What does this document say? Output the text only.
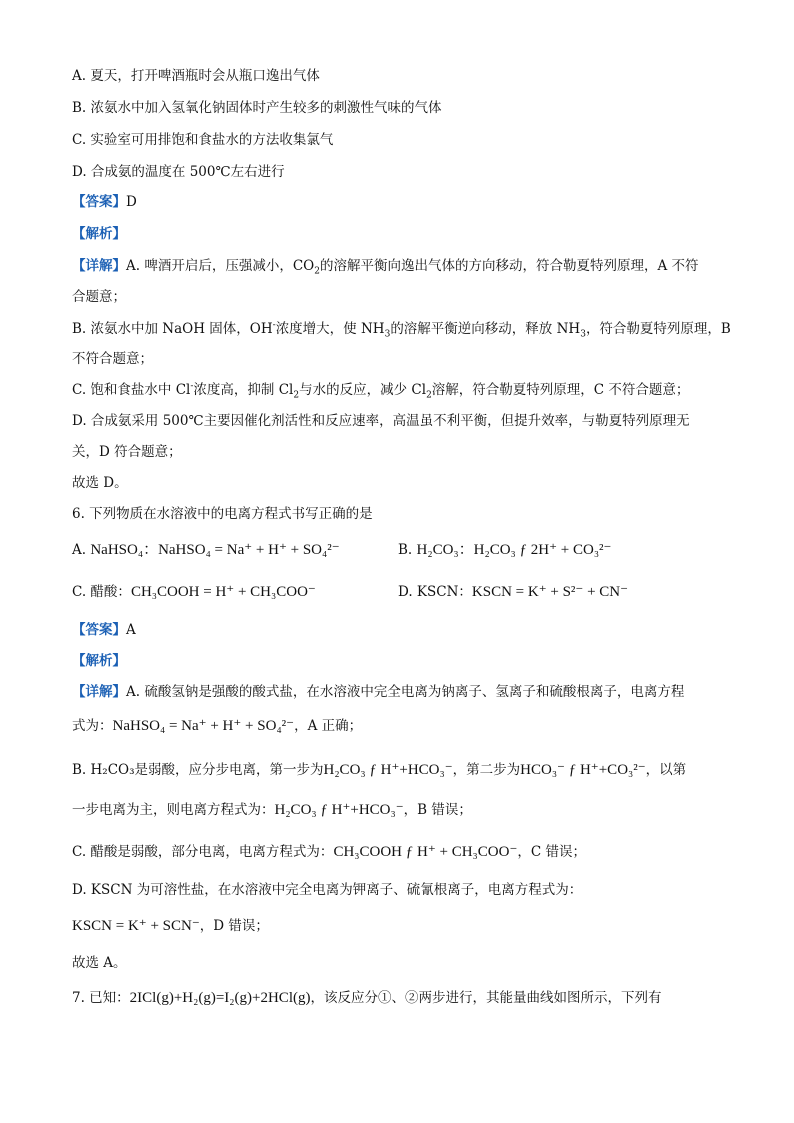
A. 夏天，打开啤酒瓶时会从瓶口逸出气体
B. 浓氨水中加入氢氧化钠固体时产生较多的刺激性气味的气体
C. 实验室可用排饱和食盐水的方法收集氯气
D. 合成氨的温度在 500℃左右进行
【答案】D
【解析】
【详解】A. 啤酒开启后，压强减小，$CO_2$的溶解平衡向逸出气体的方向移动，符合勒夏特列原理，A 不符
合题意；
B. 浓氨水中加 NaOH 固体，OH-浓度增大，使 $NH_3$的溶解平衡逆向移动，释放 $NH_3$，符合勒夏特列原理，B
不符合题意；
C. 饱和食盐水中 Cl-浓度高，抑制 $Cl_2$与水的反应，减少 $Cl_2$溶解，符合勒夏特列原理，C 不符合题意；
D. 合成氨采用 500℃主要因催化剂活性和反应速率，高温虽不利平衡，但提升效率，与勒夏特列原理无
关，D 符合题意；
故选 D。
6. 下列物质在水溶液中的电离方程式书写正确的是
A. NaHSO₄：NaHSO₄ = Na⁺ + H⁺ + SO₄²⁻	B. H₂CO₃：H₂CO₃ ƒ 2H⁺ + CO₃²⁻
C. 醋酸：CH₃COOH = H⁺ + CH₃COO⁻	D. KSCN：KSCN = K⁺ + S²⁻ + CN⁻
【答案】A
【解析】
【详解】A. 硫酸氢钠是强酸的酸式盐，在水溶液中完全电离为钠离子、氢离子和硫酸根离子，电离方程
式为：NaHSO₄ = Na⁺ + H⁺ + SO₄²⁻，A 正确；
B. H₂CO₃是弱酸，应分步电离，第一步为H₂CO₃ ƒ H⁺+HCO₃⁻，第二步为HCO₃⁻ ƒ H⁺+CO₃²⁻，以第
一步电离为主，则电离方程式为：H₂CO₃ ƒ H⁺+HCO₃⁻，B 错误；
C. 醋酸是弱酸，部分电离，电离方程式为：CH₃COOH ƒ H⁺ + CH₃COO⁻，C 错误；
D. KSCN 为可溶性盐，在水溶液中完全电离为钾离子、硫氰根离子，电离方程式为：
KSCN = K⁺ + SCN⁻，D 错误；
故选 A。
7. 已知：2ICl(g)+H₂(g)=I₂(g)+2HCl(g)，该反应分①、②两步进行，其能量曲线如图所示，下列有
